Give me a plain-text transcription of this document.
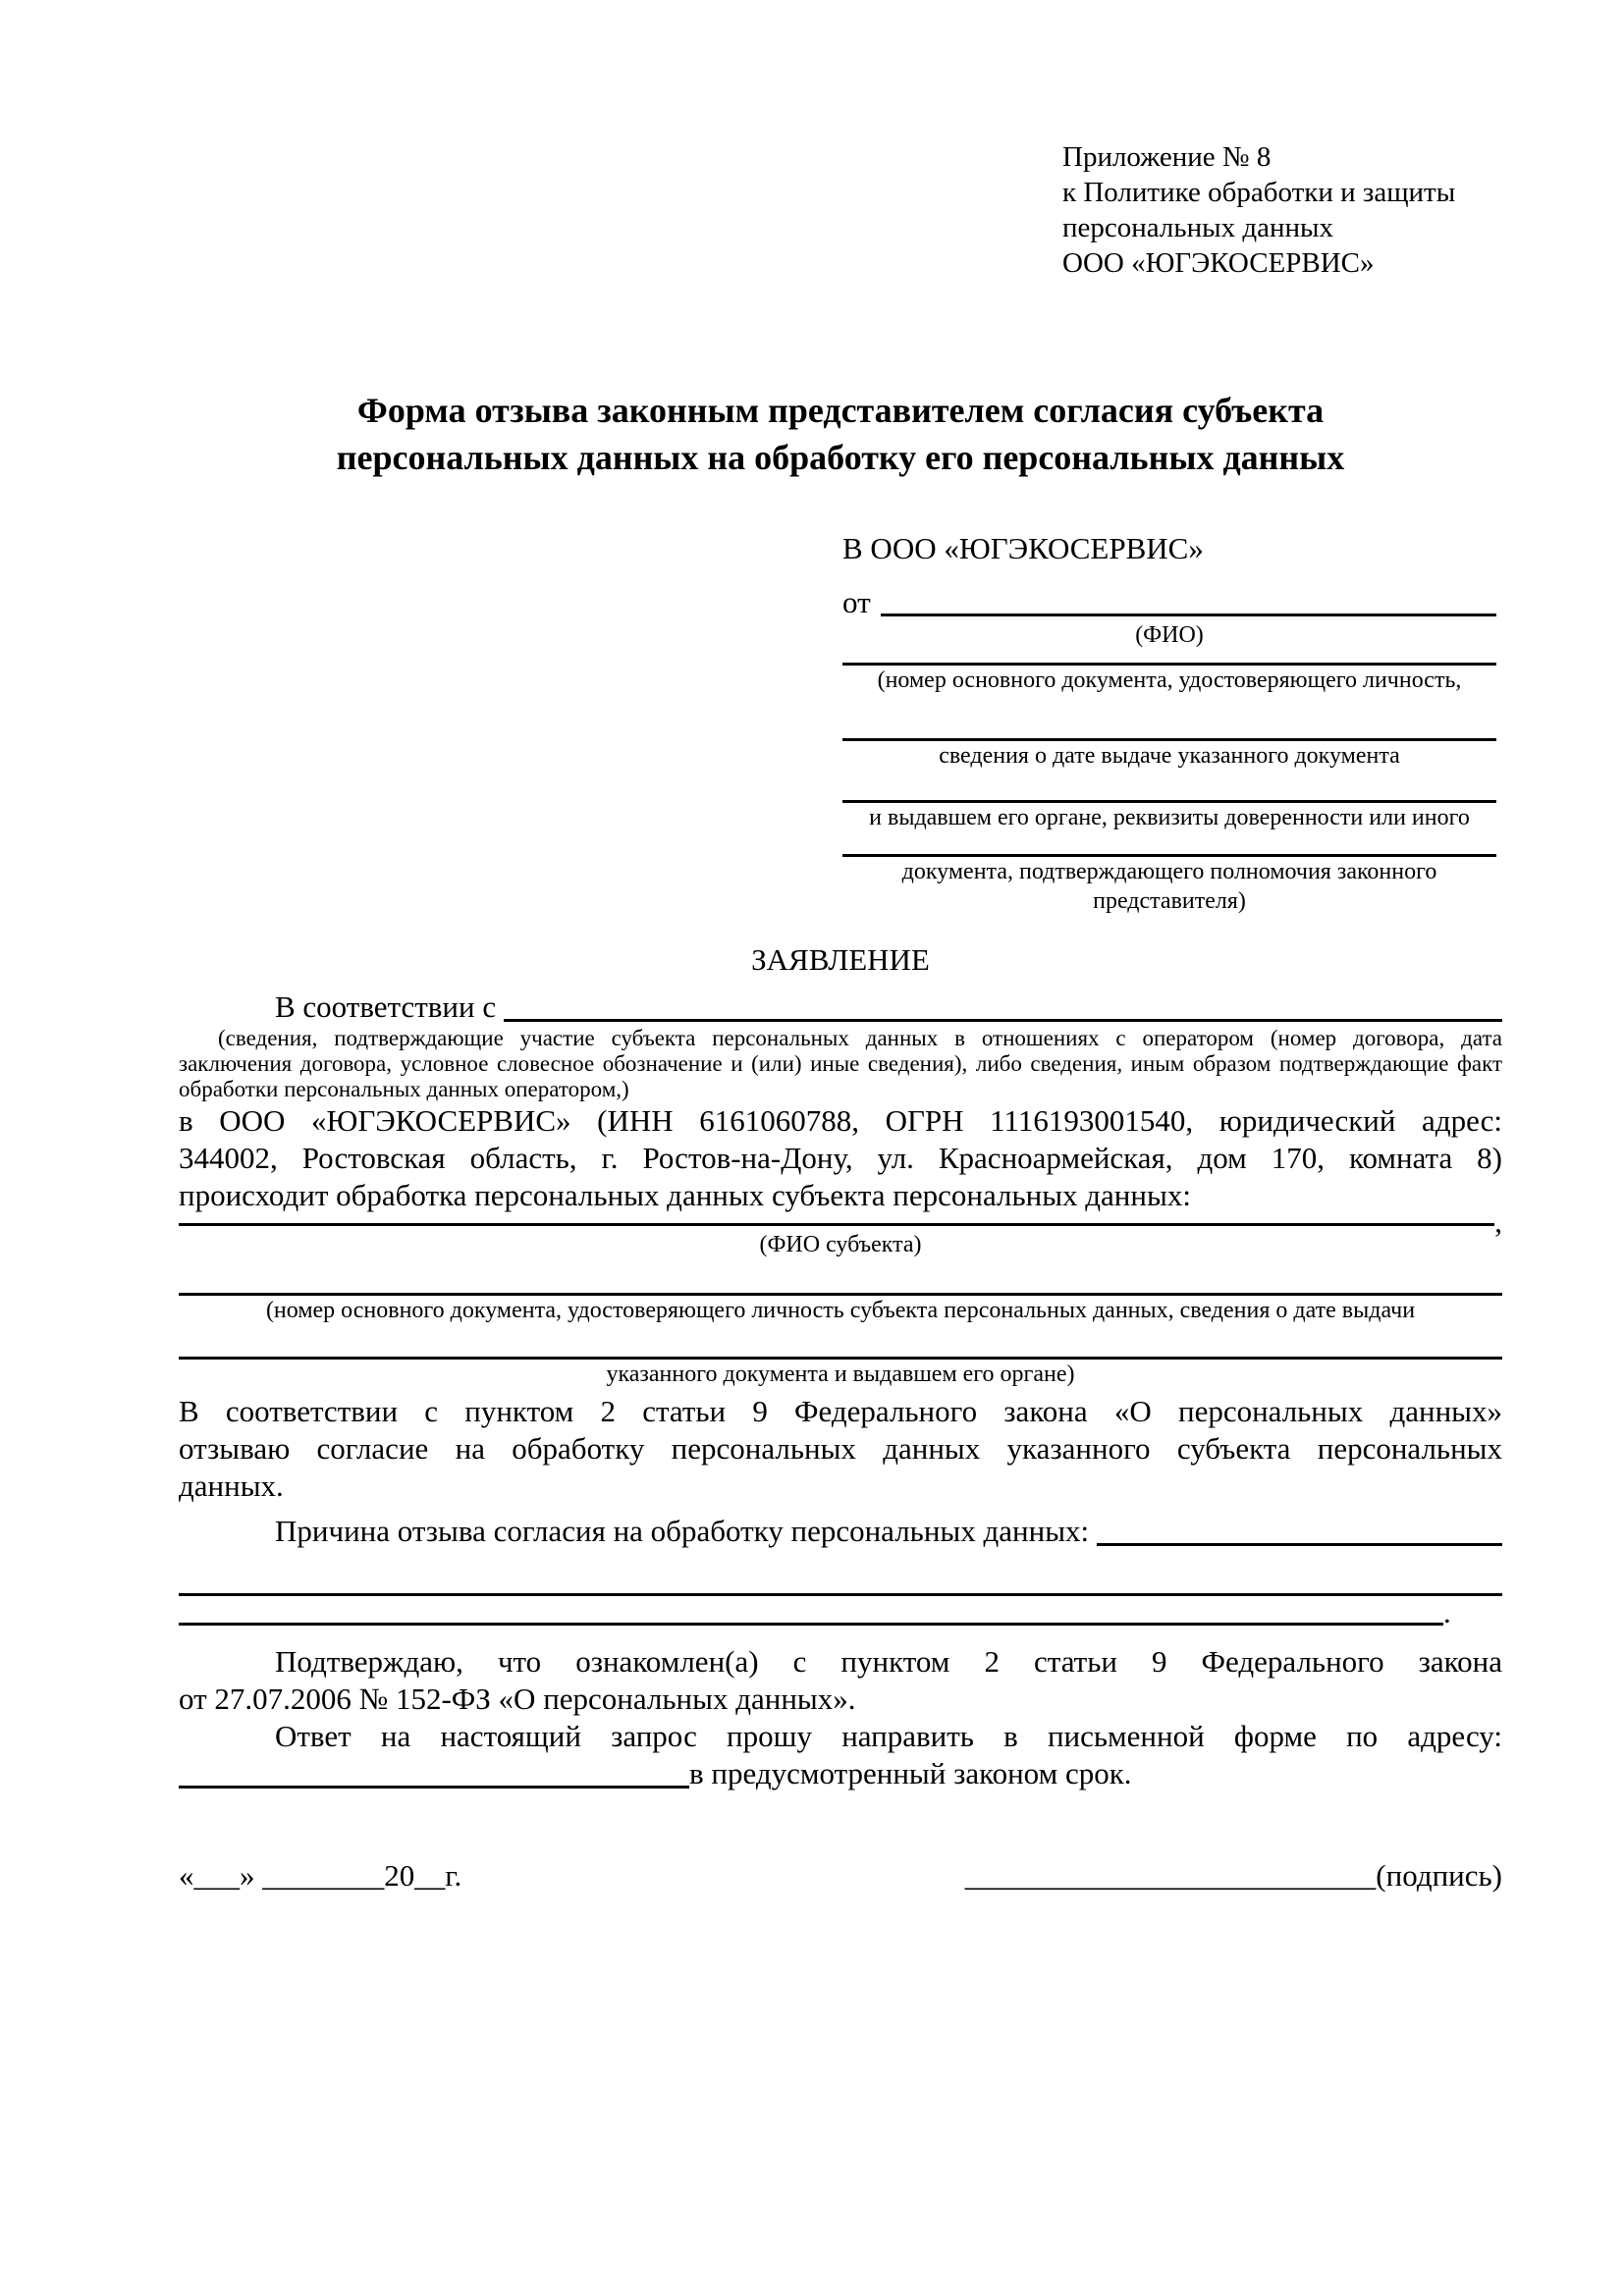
Приложение № 8
к Политике обработки и защиты
персональных данных
ООО «ЮГЭКОСЕРВИС»
Форма отзыва законным представителем согласия субъекта
персональных данных на обработку его персональных данных
В ООО «ЮГЭКОСЕРВИС»
от
(ФИО)
(номер основного документа, удостоверяющего личность,
сведения о дате выдаче указанного документа
и выдавшем его органе, реквизиты доверенности или иного
документа, подтверждающего полномочия законного представителя)
ЗАЯВЛЕНИЕ
В соответствии с
(сведения, подтверждающие участие субъекта персональных данных в отношениях с оператором (номер договора, дата
заключения договора, условное словесное обозначение и (или) иные сведения), либо сведения, иным образом подтверждающие факт
обработки персональных данных оператором,)
в ООО «ЮГЭКОСЕРВИС» (ИНН 6161060788, ОГРН 1116193001540, юридический адрес:
344002, Ростовская область, г. Ростов-на-Дону, ул. Красноармейская, дом 170, комната 8)
происходит обработка персональных данных субъекта персональных данных:
,
(ФИО субъекта)
(номер основного документа, удостоверяющего личность субъекта персональных данных, сведения о дате выдачи
указанного документа и выдавшем его органе)
В соответствии с пунктом 2 статьи 9 Федерального закона «О персональных данных»
отзываю согласие на обработку персональных данных указанного субъекта персональных
данных.
Причина отзыва согласия на обработку персональных данных:
.
Подтверждаю, что ознакомлен(а) с пунктом 2 статьи 9 Федерального закона
от 27.07.2006 № 152-ФЗ «О персональных данных».
Ответ на настоящий запрос прошу направить в письменной форме по адресу:
в предусмотренный законом срок.
«___» ________20__г.	___________________________(подпись)
